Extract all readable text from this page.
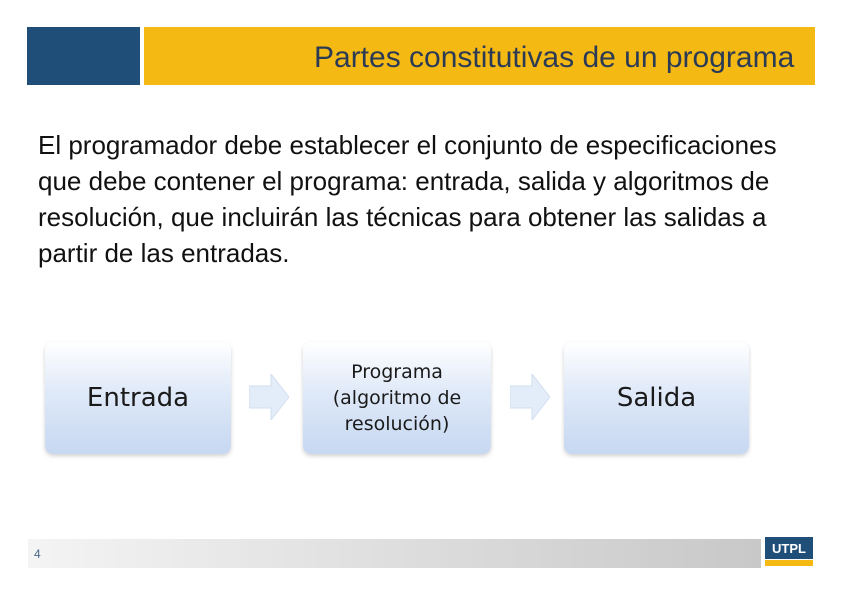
Partes constitutivas de un programa
El programador debe establecer el conjunto de especificaciones que debe contener el programa: entrada, salida y algoritmos de resolución, que incluirán las técnicas para obtener las salidas a partir de las entradas.
Entrada
Programa (algoritmo de resolución)
Salida
4	UTPL
